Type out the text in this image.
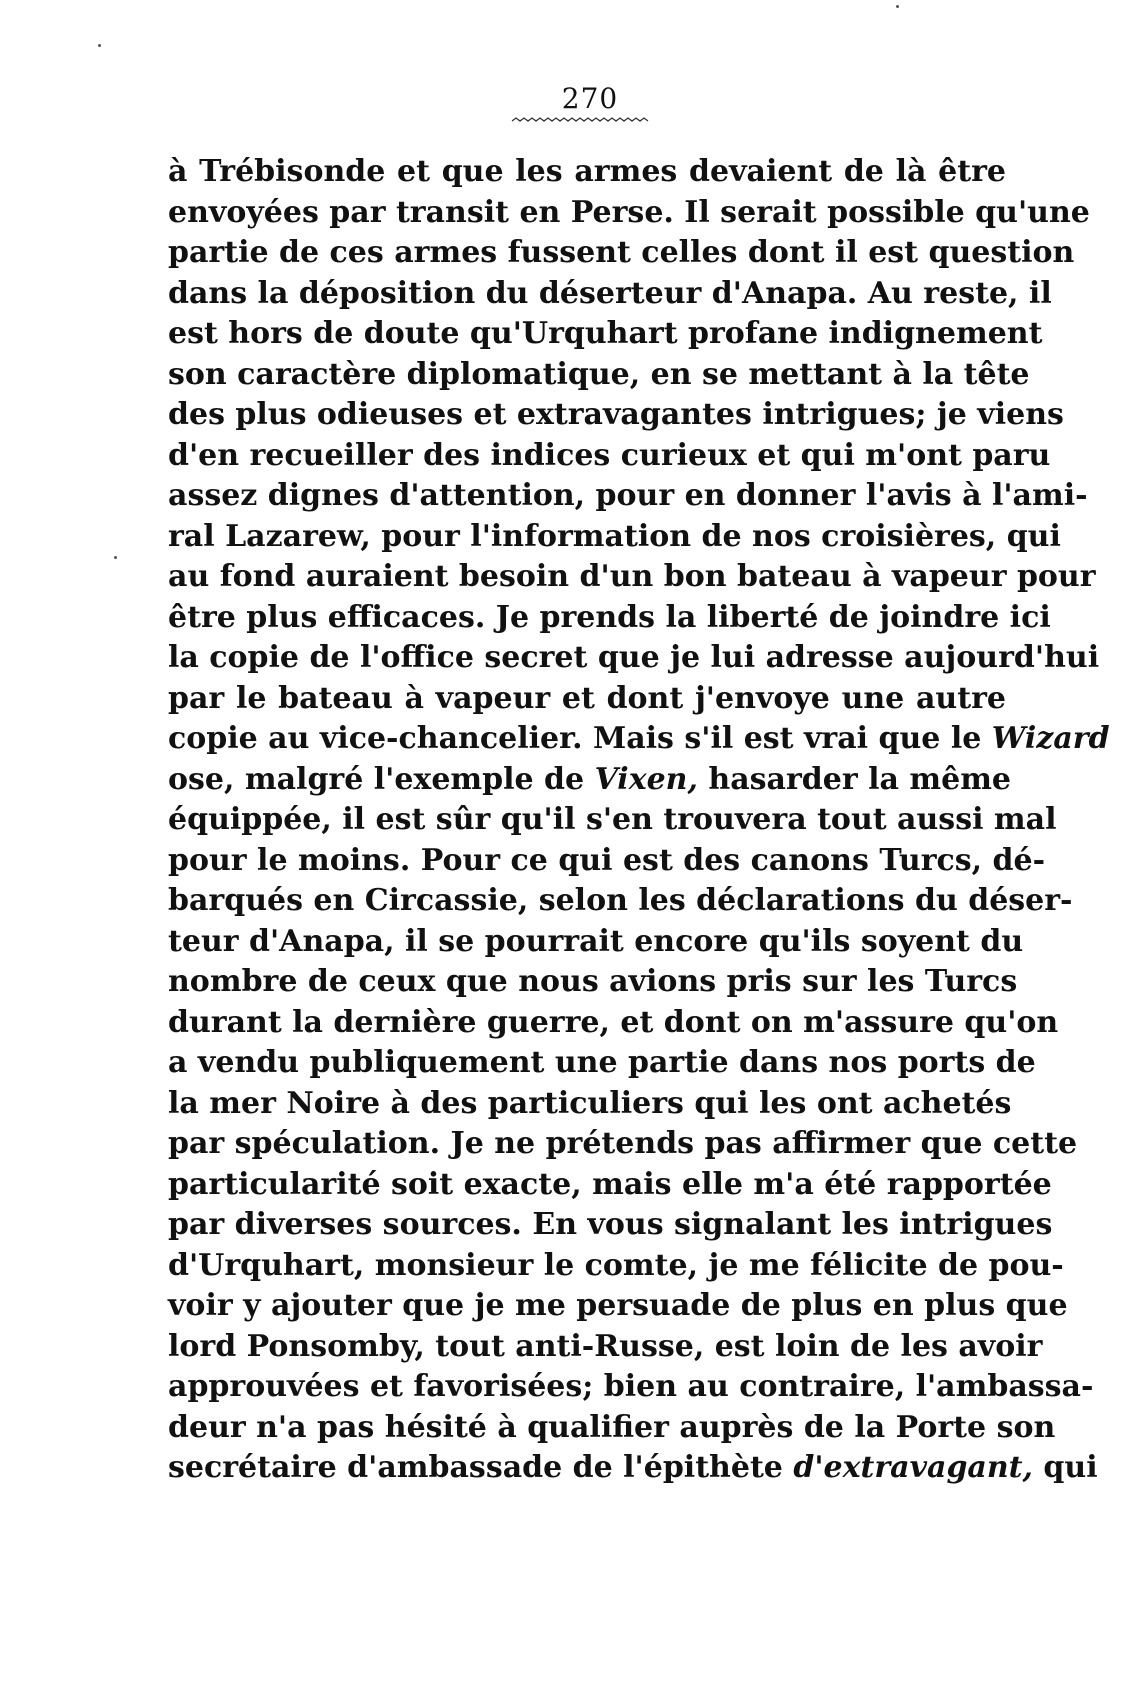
270
à Trébisonde et que les armes devaient de là être
envoyées par transit en Perse. Il serait possible qu'une
partie de ces armes fussent celles dont il est question
dans la déposition du déserteur d'Anapa. Au reste, il
est hors de doute qu'Urquhart profane indignement
son caractère diplomatique, en se mettant à la tête
des plus odieuses et extravagantes intrigues; je viens
d'en recueiller des indices curieux et qui m'ont paru
assez dignes d'attention, pour en donner l'avis à l'ami-
ral Lazarew, pour l'information de nos croisières, qui
au fond auraient besoin d'un bon bateau à vapeur pour
être plus efficaces. Je prends la liberté de joindre ici
la copie de l'office secret que je lui adresse aujourd'hui
par le bateau à vapeur et dont j'envoye une autre
copie au vice-chancelier. Mais s'il est vrai que le Wizard
ose, malgré l'exemple de Vixen, hasarder la même
équippée, il est sûr qu'il s'en trouvera tout aussi mal
pour le moins. Pour ce qui est des canons Turcs, dé-
barqués en Circassie, selon les déclarations du déser-
teur d'Anapa, il se pourrait encore qu'ils soyent du
nombre de ceux que nous avions pris sur les Turcs
durant la dernière guerre, et dont on m'assure qu'on
a vendu publiquement une partie dans nos ports de
la mer Noire à des particuliers qui les ont achetés
par spéculation. Je ne prétends pas affirmer que cette
particularité soit exacte, mais elle m'a été rapportée
par diverses sources. En vous signalant les intrigues
d'Urquhart, monsieur le comte, je me félicite de pou-
voir y ajouter que je me persuade de plus en plus que
lord Ponsomby, tout anti-Russe, est loin de les avoir
approuvées et favorisées; bien au contraire, l'ambassa-
deur n'a pas hésité à qualifier auprès de la Porte son
secrétaire d'ambassade de l'épithète d'extravagant, qui
